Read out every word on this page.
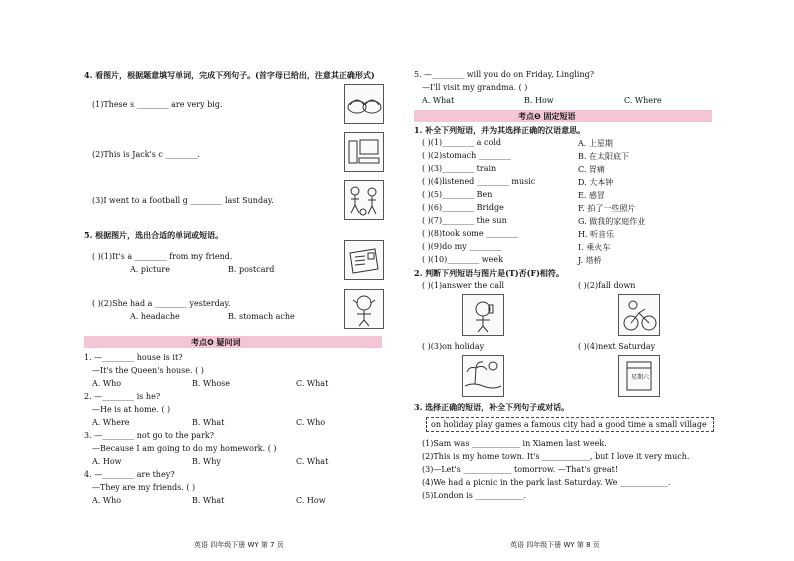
4. 看图片，根据题意填写单词，完成下列句子。(首字母已给出，注意其正确形式)
(1)These s ________ are very big.
(2)This is Jack's c ________.
(3)I went to a football g ________ last Sunday.
5. 根据图片，选出合适的单词或短语。
( )(1)It's a ________ from my friend.
A. picture	B. postcard
( )(2)She had a ________ yesterday.
A. headache	B. stomach ache
考点❹ 疑问词
1. —________ house is it?
—It's the Queen's house. ( )
A. Who	B. Whose	C. What
2. —________ is he?
—He is at home. ( )
A. Where	B. What	C. Who
3. —________ not go to the park?
—Because I am going to do my homework. ( )
A. How	B. Why	C. What
4. —________ are they?
—They are my friends. ( )
A. Who	B. What	C. How
英语 四年级下册 WY 第 7 页
5. —________ will you do on Friday, Lingling?
—I'll visit my grandma. ( )
A. What	B. How	C. Where
考点❺ 固定短语
1. 补全下列短语，并为其选择正确的汉语意思。
( )(1)________ a cold	A. 上星期
( )(2)stomach ________	B. 在太阳底下
( )(3)________ train	C. 胃痛
( )(4)listened ________ music	D. 大本钟
( )(5)________ Ben	E. 感冒
( )(6)________ Bridge	F. 拍了一些照片
( )(7)________ the sun	G. 做我的家庭作业
( )(8)took some ________	H. 听音乐
( )(9)do my ________	I. 乘火车
( )(10)________ week	J. 塔桥
2. 判断下列短语与图片是(T)否(F)相符。
( )(1)answer the call	( )(2)fall down
( )(3)on holiday	( )(4)next Saturday
星期六
3. 选择正确的短语，补全下列句子或对话。
on holiday play games a famous city had a good time a small village
(1)Sam was ____________ in Xiamen last week.
(2)This is my home town. It's ____________, but I love it very much.
(3)—Let's ____________ tomorrow. —That's great!
(4)We had a picnic in the park last Saturday. We ____________.
(5)London is ____________.
英语 四年级下册 WY 第 8 页
